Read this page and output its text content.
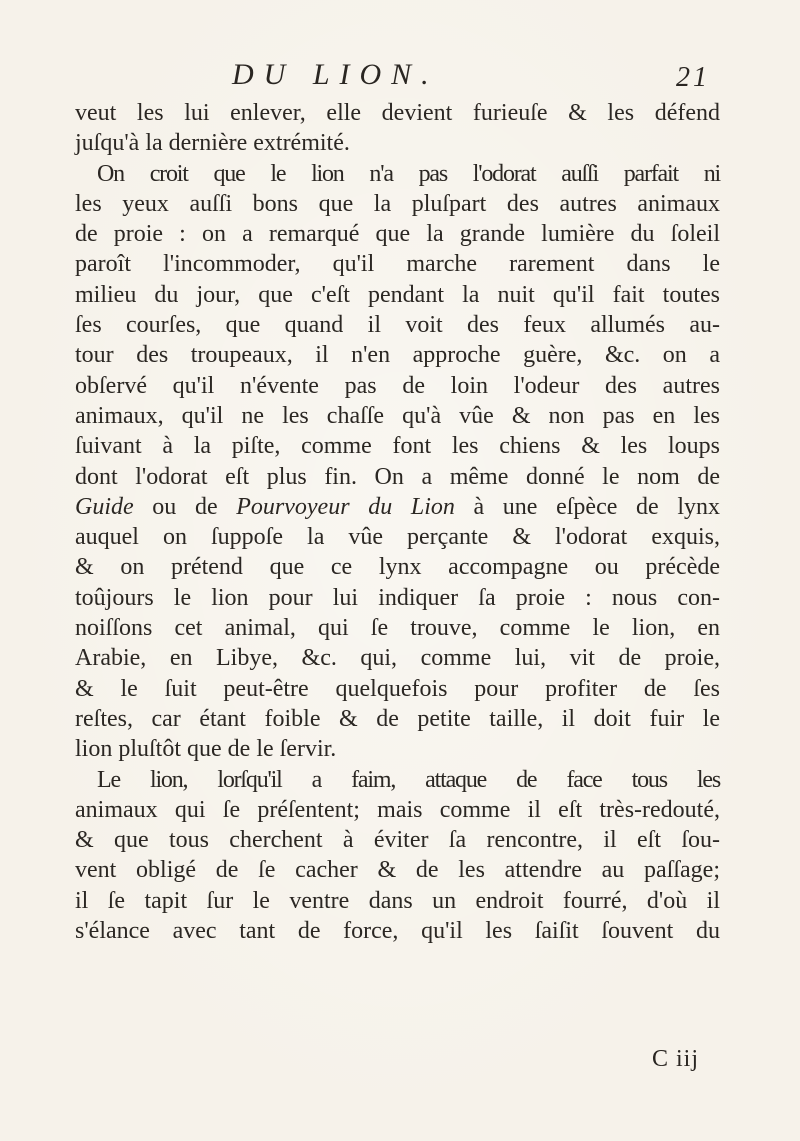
DU LION.	21
veut les lui enlever, elle devient furieuſe & les défend
juſqu'à la dernière extrémité.
On croit que le lion n'a pas l'odorat auſſi parfait ni
les yeux auſſi bons que la pluſpart des autres animaux
de proie : on a remarqué que la grande lumière du ſoleil
paroît l'incommoder, qu'il marche rarement dans le
milieu du jour, que c'eſt pendant la nuit qu'il fait toutes
ſes courſes, que quand il voit des feux allumés au-
tour des troupeaux, il n'en approche guère, &c. on a
obſervé qu'il n'évente pas de loin l'odeur des autres
animaux, qu'il ne les chaſſe qu'à vûe & non pas en les
ſuivant à la piſte, comme font les chiens & les loups
dont l'odorat eſt plus fin. On a même donné le nom de
Guide ou de Pourvoyeur du Lion à une eſpèce de lynx
auquel on ſuppoſe la vûe perçante & l'odorat exquis,
& on prétend que ce lynx accompagne ou précède
toûjours le lion pour lui indiquer ſa proie : nous con-
noiſſons cet animal, qui ſe trouve, comme le lion, en
Arabie, en Libye, &c. qui, comme lui, vit de proie,
& le ſuit peut-être quelquefois pour profiter de ſes
reſtes, car étant foible & de petite taille, il doit fuir le
lion pluſtôt que de le ſervir.
Le lion, lorſqu'il a faim, attaque de face tous les
animaux qui ſe préſentent; mais comme il eſt très-redouté,
& que tous cherchent à éviter ſa rencontre, il eſt ſou-
vent obligé de ſe cacher & de les attendre au paſſage;
il ſe tapit ſur le ventre dans un endroit fourré, d'où il
s'élance avec tant de force, qu'il les ſaiſit ſouvent du
C iij
